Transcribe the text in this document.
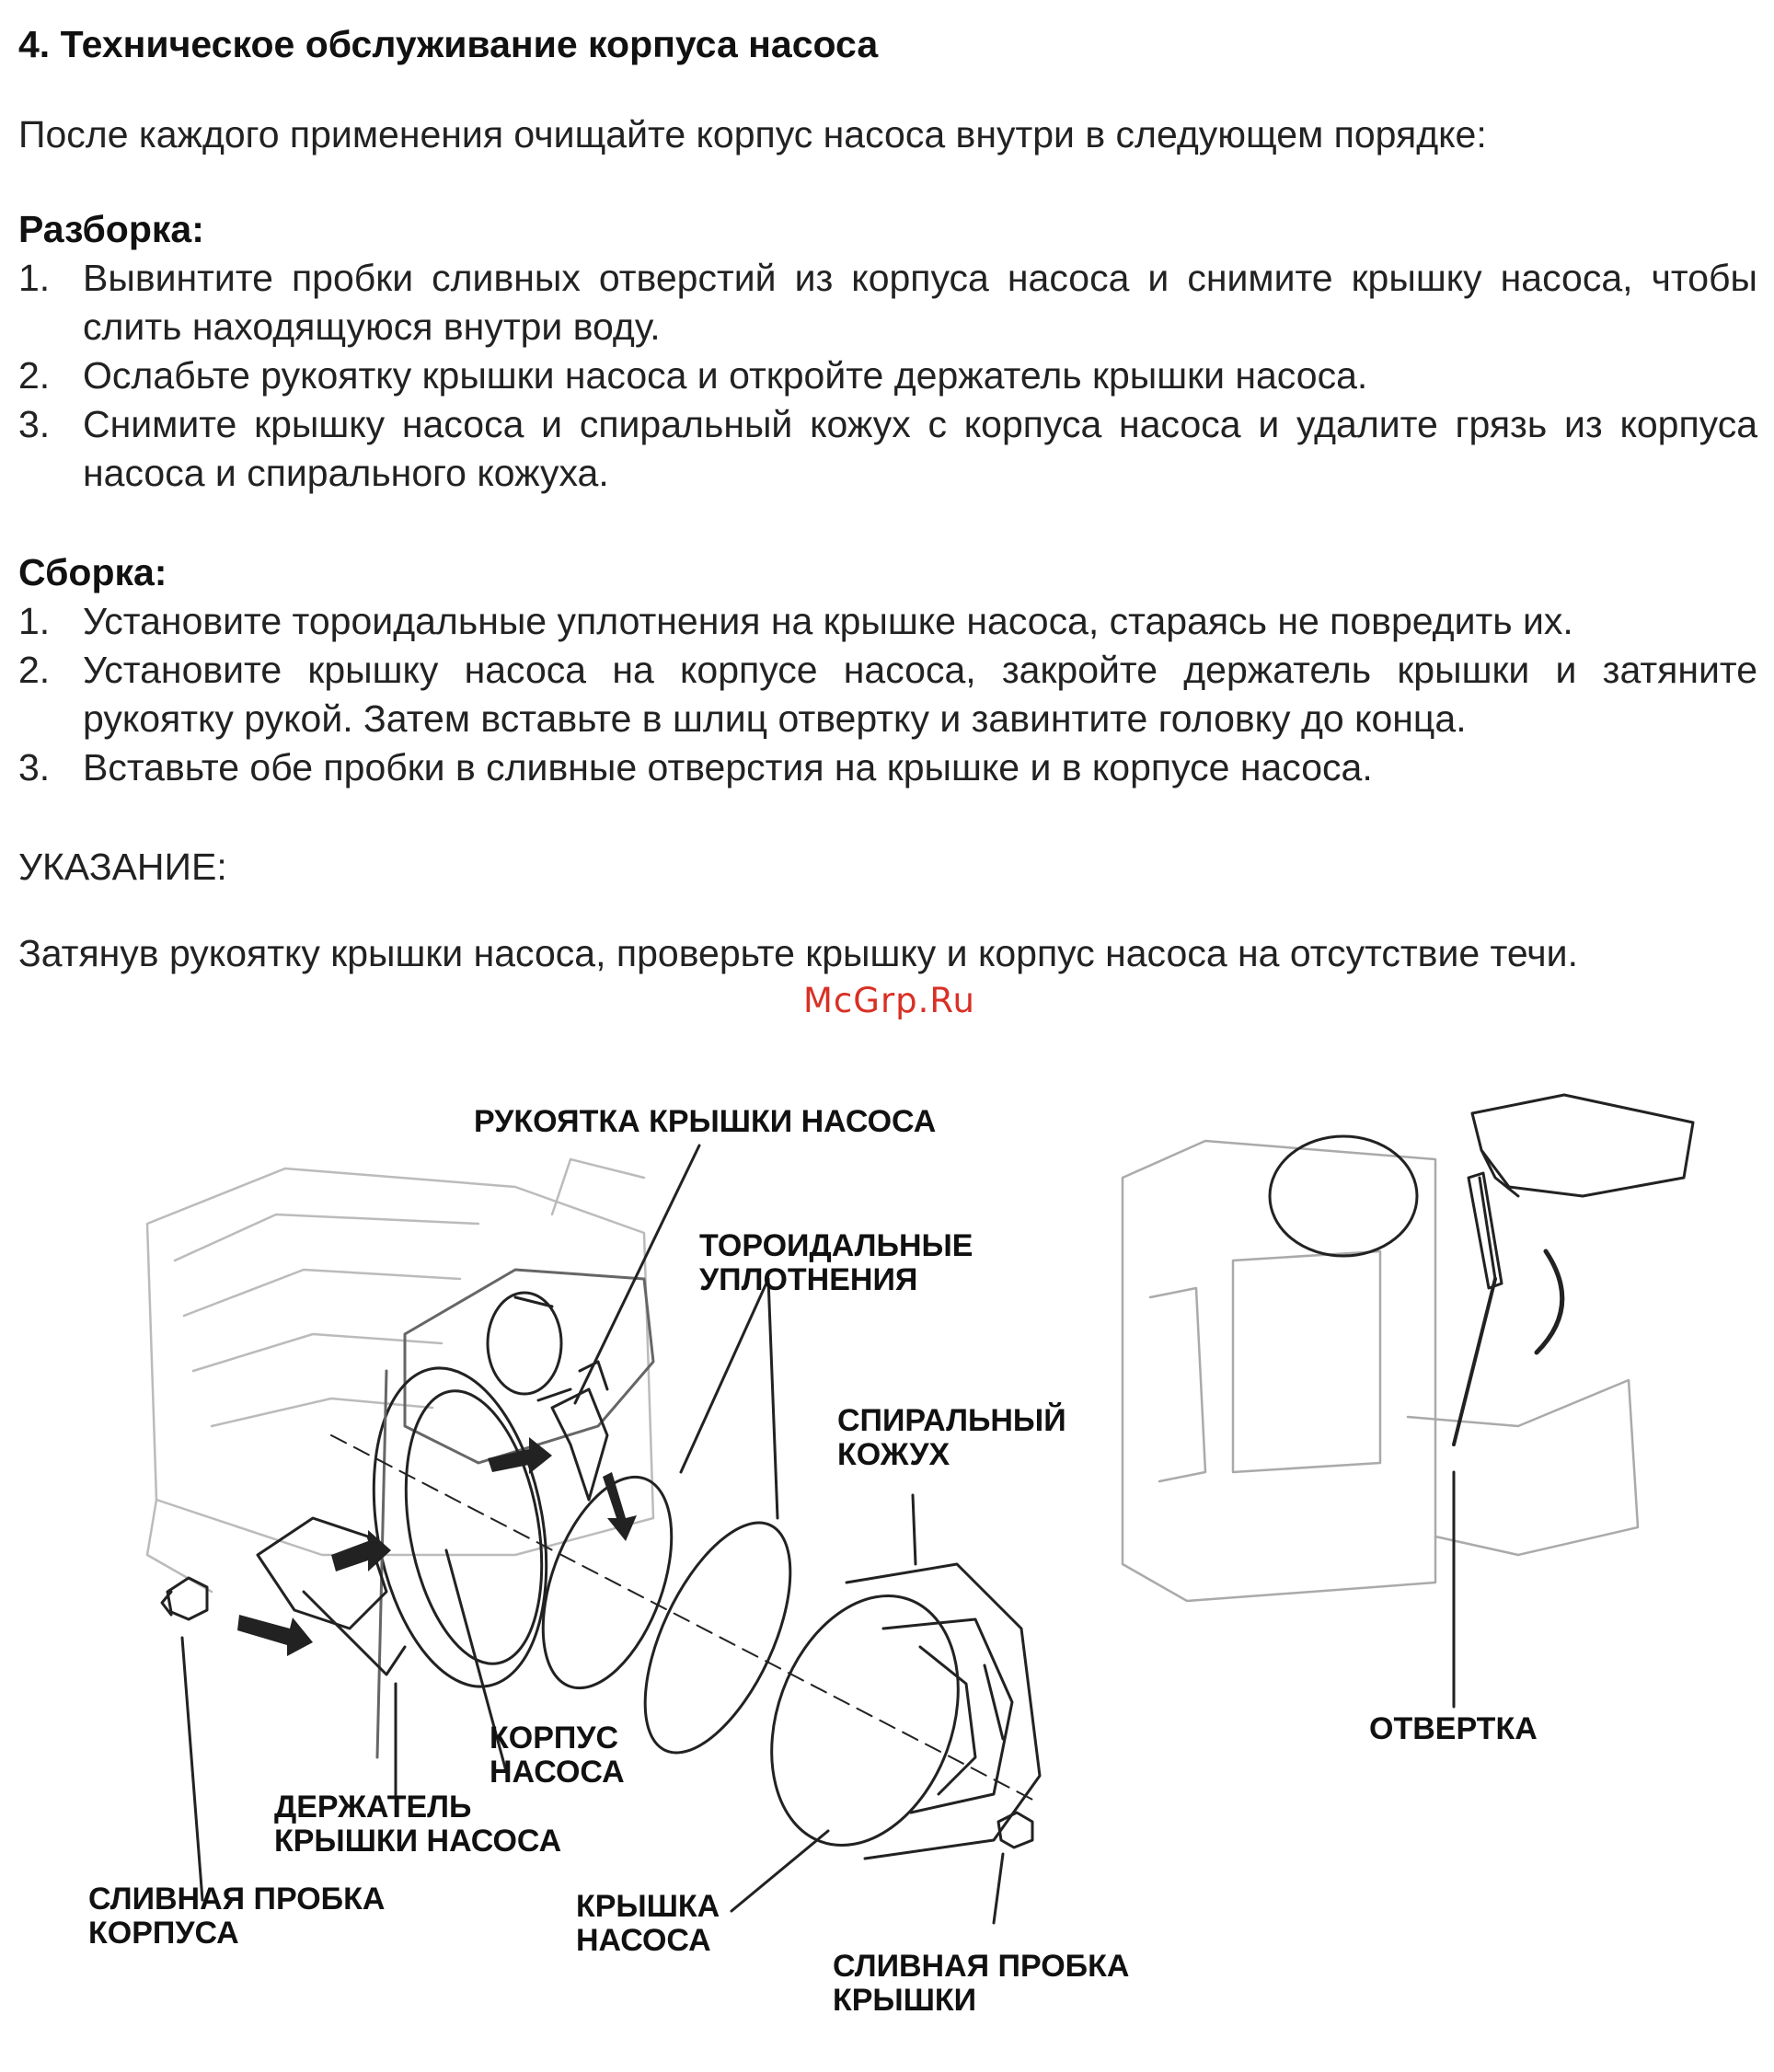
4. Техническое обслуживание корпуса насоса

После каждого применения очищайте корпус насоса внутри в следующем порядке:

Разборка:

1. Вывинтите пробки сливных отверстий из корпуса насоса и снимите крышку насоса, чтобы слить находящуюся внутри воду.
2. Ослабьте рукоятку крышки насоса и откройте держатель крышки насоса.
3. Снимите крышку насоса и спиральный кожух с корпуса насоса и удалите грязь из корпуса насоса и спирального кожуха.

Сборка:

1. Установите тороидальные уплотнения на крышке насоса, стараясь не повредить их.
2. Установите крышку насоса на корпусе насоса, закройте держатель крышки и затяните рукоятку рукой. Затем вставьте в шлиц отвертку и завинтите головку до конца.
3. Вставьте обе пробки в сливные отверстия на крышке и в корпусе насоса.

УКАЗАНИЕ:

Затянув рукоятку крышки насоса, проверьте крышку и корпус насоса на отсутствие течи.

McGrp.Ru
РУКОЯТКА КРЫШКИ НАСОСА
ТОРОИДАЛЬНЫЕ
УПЛОТНЕНИЯ
СПИРАЛЬНЫЙ
КОЖУХ
КОРПУС
НАСОСА
ДЕРЖАТЕЛЬ
КРЫШКИ НАСОСА
СЛИВНАЯ ПРОБКА
КОРПУСА
КРЫШКА
НАСОСА
СЛИВНАЯ ПРОБКА
КРЫШКИ
ОТВЕРТКА
